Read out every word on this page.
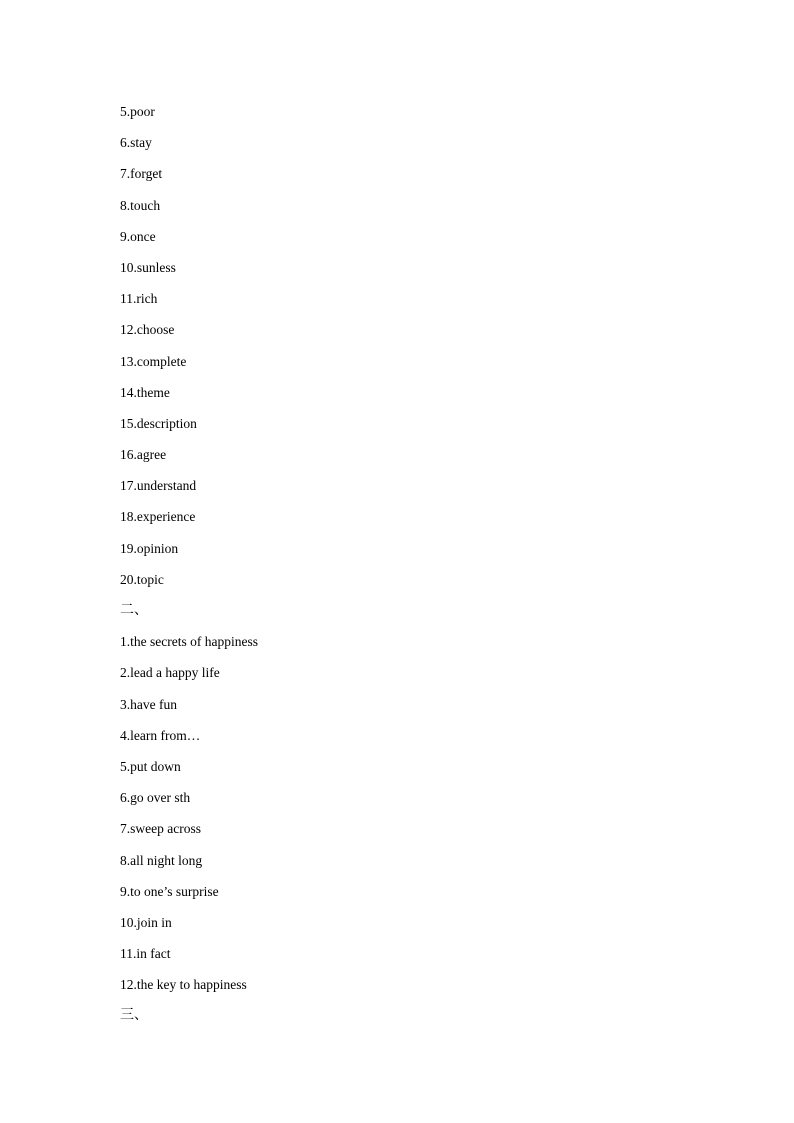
5.poor
6.stay
7.forget
8.touch
9.once
10.sunless
11.rich
12.choose
13.complete
14.theme
15.description
16.agree
17.understand
18.experience
19.opinion
20.topic
二、
1.the secrets of happiness
2.lead a happy life
3.have fun
4.learn from…
5.put down
6.go over sth
7.sweep across
8.all night long
9.to one’s surprise
10.join in
11.in fact
12.the key to happiness
三、
